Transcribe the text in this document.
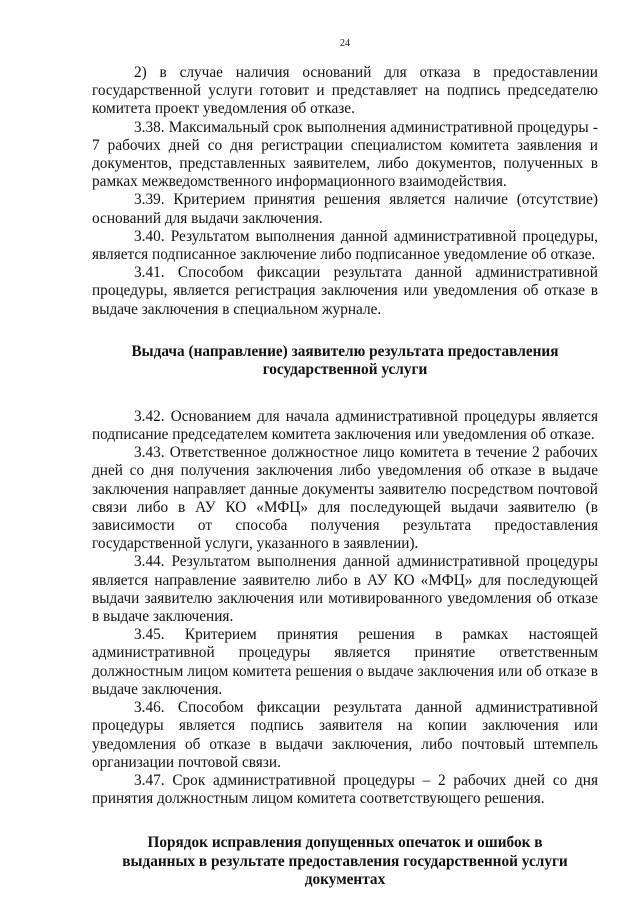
24

2) в случае наличия оснований для отказа в предоставлении государственной услуги готовит и представляет на подпись председателю комитета проект уведомления об отказе.

3.38. Максимальный срок выполнения административной процедуры - 7 рабочих дней со дня регистрации специалистом комитета заявления и документов, представленных заявителем, либо документов, полученных в рамках межведомственного информационного взаимодействия.

3.39. Критерием принятия решения является наличие (отсутствие) оснований для выдачи заключения.

3.40. Результатом выполнения данной административной процедуры, является подписанное заключение либо подписанное уведомление об отказе.

3.41. Способом фиксации результата данной административной процедуры, является регистрация заключения или уведомления об отказе в выдаче заключения в специальном журнале.

Выдача (направление) заявителю результата предоставления
государственной услуги

3.42. Основанием для начала административной процедуры является подписание председателем комитета заключения или уведомления об отказе.

3.43. Ответственное должностное лицо комитета в течение 2 рабочих дней со дня получения заключения либо уведомления об отказе в выдаче заключения направляет данные документы заявителю посредством почтовой связи либо в АУ КО «МФЦ» для последующей выдачи заявителю (в зависимости от способа получения результата предоставления государственной услуги, указанного в заявлении).

3.44. Результатом выполнения данной административной процедуры является направление заявителю либо в АУ КО «МФЦ» для последующей выдачи заявителю заключения или мотивированного уведомления об отказе в выдаче заключения.

3.45. Критерием принятия решения в рамках настоящей административной процедуры является принятие ответственным должностным лицом комитета решения о выдаче заключения или об отказе в выдаче заключения.

3.46. Способом фиксации результата данной административной процедуры является подпись заявителя на копии заключения или уведомления об отказе в выдачи заключения, либо почтовый штемпель организации почтовой связи.

3.47. Срок административной процедуры – 2 рабочих дней со дня принятия должностным лицом комитета соответствующего решения.

Порядок исправления допущенных опечаток и ошибок в
выданных в результате предоставления государственной услуги
документах
